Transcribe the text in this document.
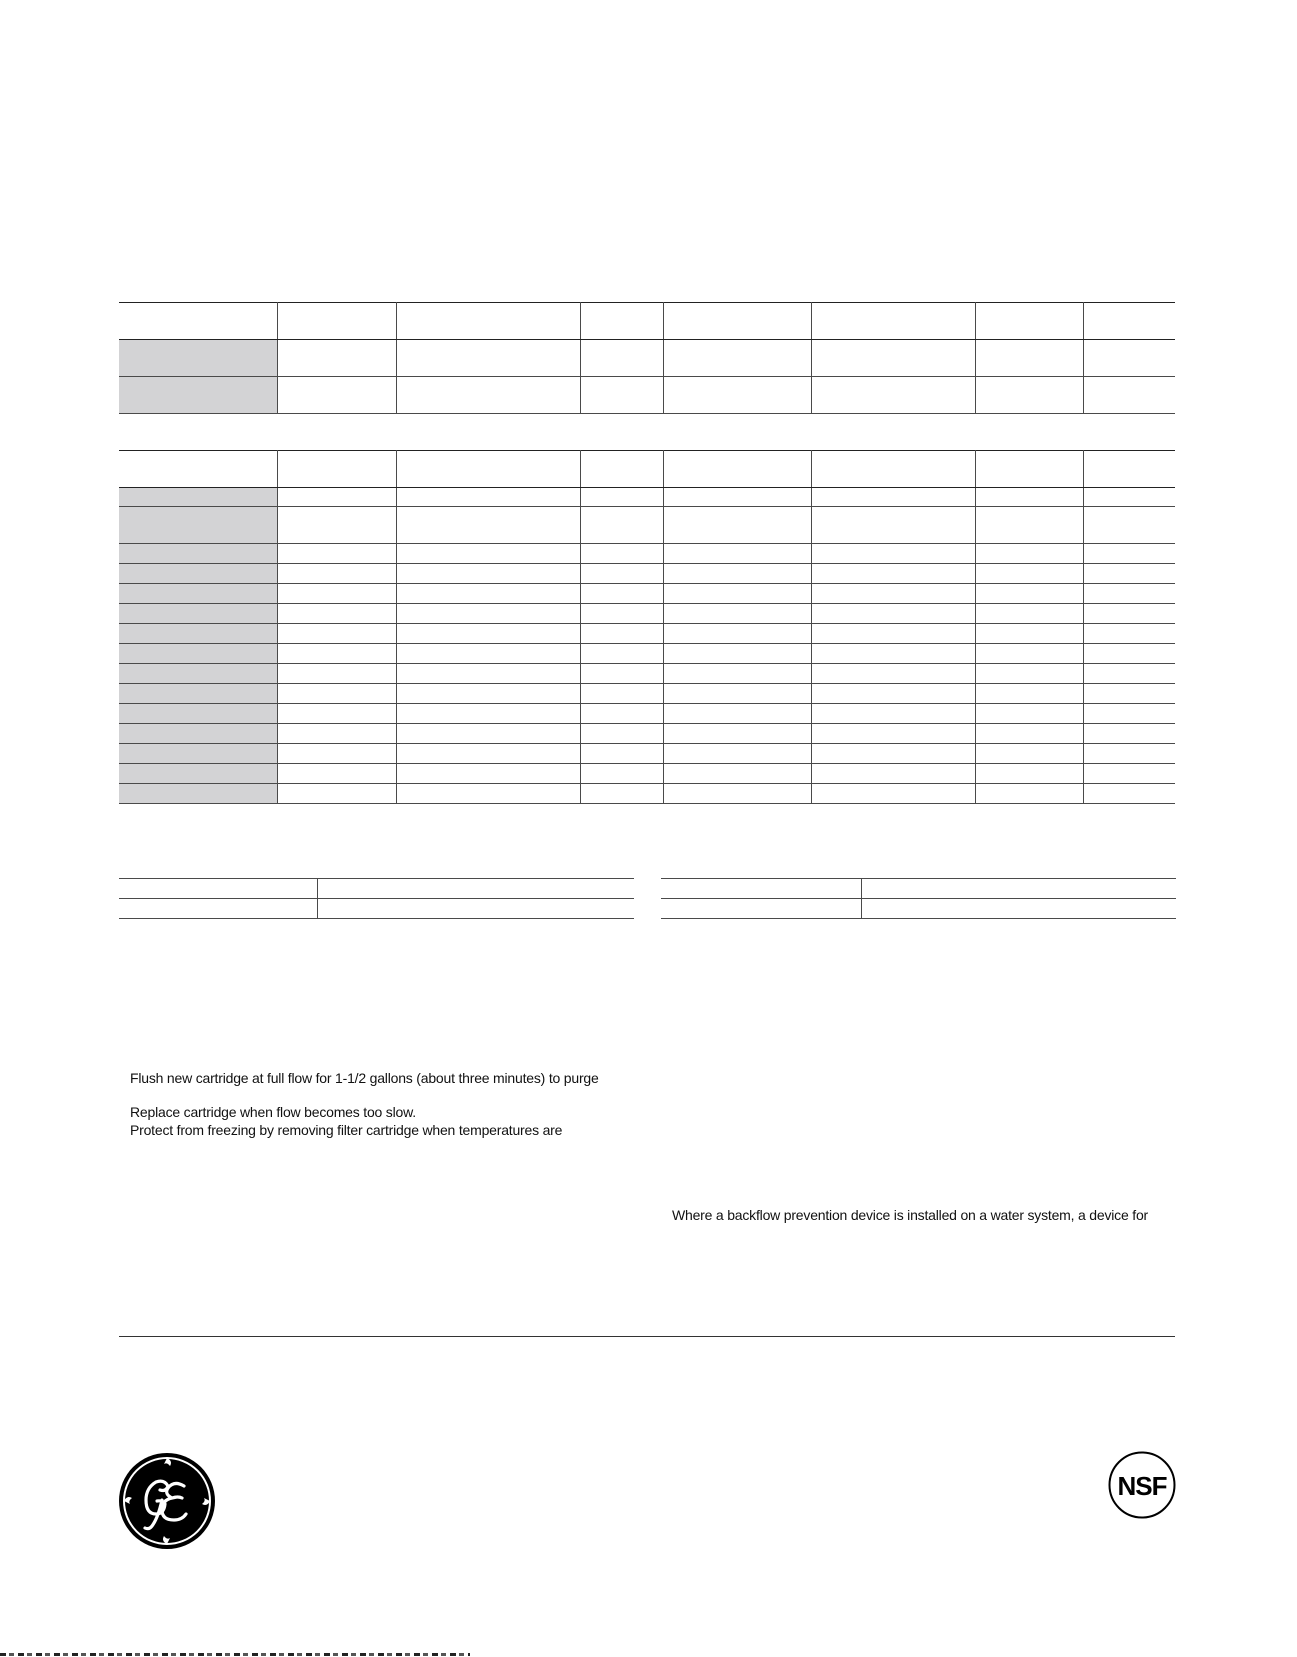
Flush new cartridge at full flow for 1-1/2 gallons (about three minutes) to purge
Replace cartridge when flow becomes too slow.
Protect from freezing by removing filter cartridge when temperatures are
Where a backflow prevention device is installed on a water system, a device for
NSF
